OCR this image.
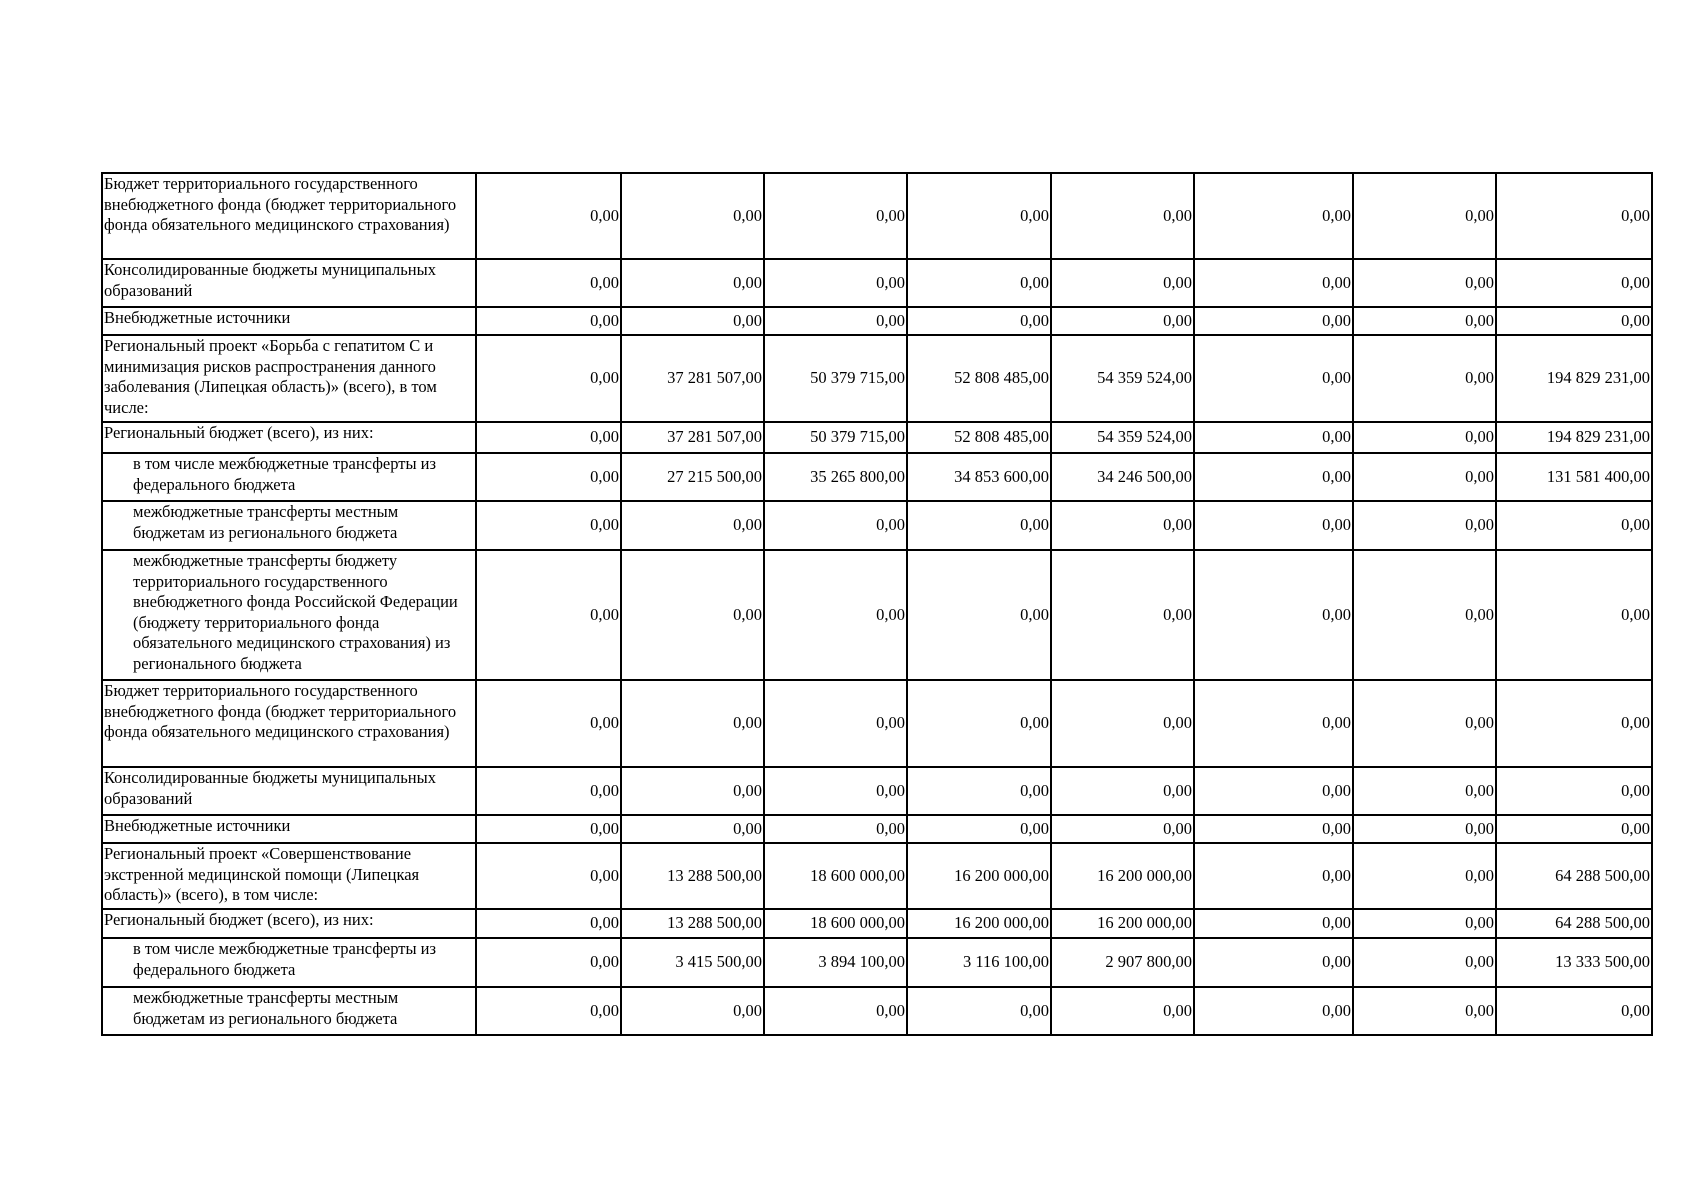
Бюджет территориального государственного внебюджетного фонда (бюджет территориального фонда обязательного медицинского страхования)	0,00	0,00	0,00	0,00	0,00	0,00	0,00	0,00
Консолидированные бюджеты муниципальных образований	0,00	0,00	0,00	0,00	0,00	0,00	0,00	0,00
Внебюджетные источники	0,00	0,00	0,00	0,00	0,00	0,00	0,00	0,00
Региональный проект «Борьба с гепатитом С и минимизация рисков распространения данного заболевания (Липецкая область)» (всего), в том числе:	0,00	37 281 507,00	50 379 715,00	52 808 485,00	54 359 524,00	0,00	0,00	194 829 231,00
Региональный бюджет (всего), из них:	0,00	37 281 507,00	50 379 715,00	52 808 485,00	54 359 524,00	0,00	0,00	194 829 231,00
в том числе межбюджетные трансферты из федерального бюджета	0,00	27 215 500,00	35 265 800,00	34 853 600,00	34 246 500,00	0,00	0,00	131 581 400,00
межбюджетные трансферты местным бюджетам из регионального бюджета	0,00	0,00	0,00	0,00	0,00	0,00	0,00	0,00
межбюджетные трансферты бюджету территориального государственного внебюджетного фонда Российской Федерации (бюджету территориального фонда обязательного медицинского страхования) из регионального бюджета	0,00	0,00	0,00	0,00	0,00	0,00	0,00	0,00
Бюджет территориального государственного внебюджетного фонда (бюджет территориального фонда обязательного медицинского страхования)	0,00	0,00	0,00	0,00	0,00	0,00	0,00	0,00
Консолидированные бюджеты муниципальных образований	0,00	0,00	0,00	0,00	0,00	0,00	0,00	0,00
Внебюджетные источники	0,00	0,00	0,00	0,00	0,00	0,00	0,00	0,00
Региональный проект «Совершенствование экстренной медицинской помощи (Липецкая область)» (всего), в том числе:	0,00	13 288 500,00	18 600 000,00	16 200 000,00	16 200 000,00	0,00	0,00	64 288 500,00
Региональный бюджет (всего), из них:	0,00	13 288 500,00	18 600 000,00	16 200 000,00	16 200 000,00	0,00	0,00	64 288 500,00
в том числе межбюджетные трансферты из федерального бюджета	0,00	3 415 500,00	3 894 100,00	3 116 100,00	2 907 800,00	0,00	0,00	13 333 500,00
межбюджетные трансферты местным бюджетам из регионального бюджета	0,00	0,00	0,00	0,00	0,00	0,00	0,00	0,00
